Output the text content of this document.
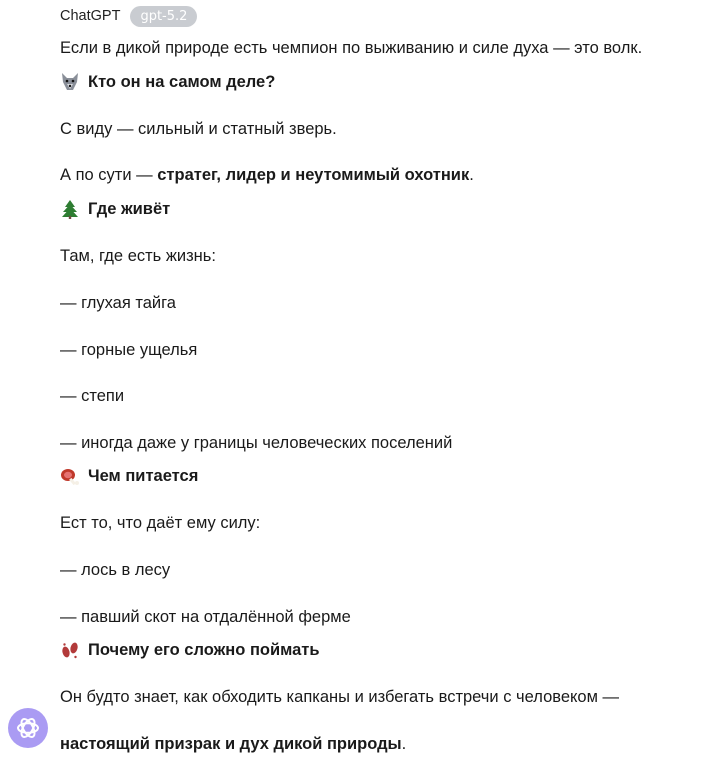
ChatGPT	gpt-5.2
Если в дикой природе есть чемпион по выживанию и силе духа — это волк.
Кто он на самом деле?
С виду — сильный и статный зверь.
А по сути — стратег, лидер и неутомимый охотник.
Где живёт
Там, где есть жизнь:
— глухая тайга
— горные ущелья
— степи
— иногда даже у границы человеческих поселений
Чем питается
Ест то, что даёт ему силу:
— лось в лесу
— павший скот на отдалённой ферме
Почему его сложно поймать
Он будто знает, как обходить капканы и избегать встречи с человеком —
настоящий призрак и дух дикой природы.
